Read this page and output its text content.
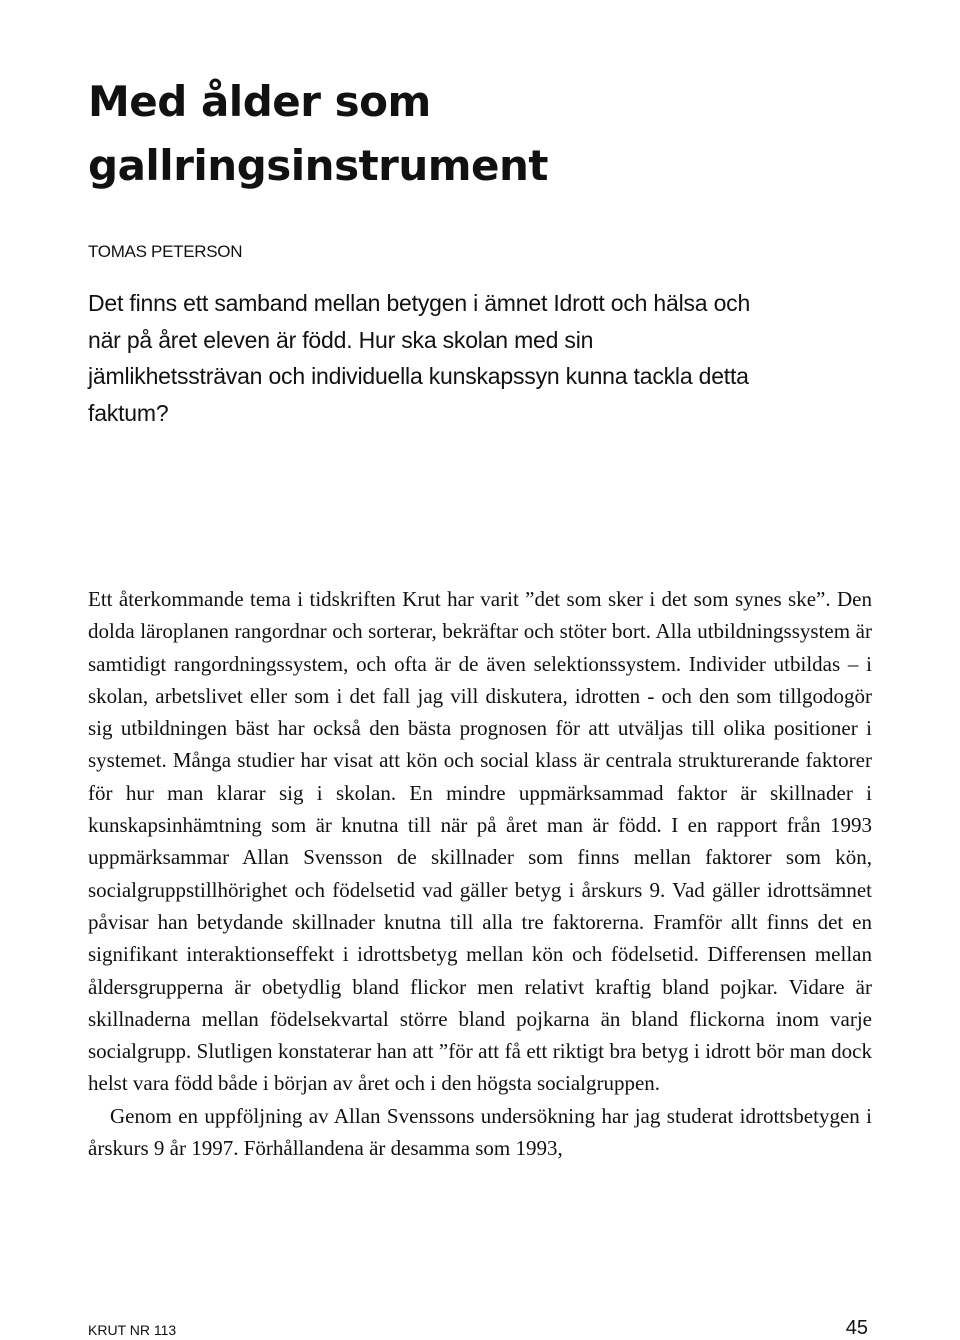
Med ålder som gallringsinstrument
TOMAS PETERSON

Det finns ett samband mellan betygen i ämnet Idrott och hälsa och när på året eleven är född. Hur ska skolan med sin jämlikhetssträvan och individuella kunskapssyn kunna tackla detta faktum?

Ett återkommande tema i tidskriften Krut har varit ”det som sker i det som synes ske”. Den dolda läroplanen rangordnar och sorterar, bekräftar och stöter bort. Alla utbildningssystem är samtidigt rangordningssystem, och ofta är de även selektionssystem. Individer utbildas – i skolan, arbetslivet eller som i det fall jag vill diskutera, idrotten - och den som tillgodogör sig utbildningen bäst har också den bästa prognosen för att utväljas till olika positioner i systemet. Många studier har visat att kön och social klass är centrala strukturerande faktorer för hur man klarar sig i skolan. En mindre uppmärksammad faktor är skillnader i kunskapsinhämtning som är knutna till när på året man är född. I en rapport från 1993 uppmärksammar Allan Svensson de skillnader som finns mellan faktorer som kön, socialgruppstillhörighet och födelsetid vad gäller betyg i årskurs 9. Vad gäller idrottsämnet påvisar han betydande skillnader knutna till alla tre faktorerna. Framför allt finns det en signifikant interaktionseffekt i idrottsbetyg mellan kön och födelsetid. Differensen mellan åldersgrupperna är obetydlig bland flickor men relativt kraftig bland pojkar. Vidare är skillnaderna mellan födelsekvartal större bland pojkarna än bland flickorna inom varje socialgrupp. Slutligen konstaterar han att ”för att få ett riktigt bra betyg i idrott bör man dock helst vara född både i början av året och i den högsta socialgruppen.

Genom en uppföljning av Allan Svenssons undersökning har jag studerat idrottsbetygen i årskurs 9 år 1997. Förhållandena är desamma som 1993,

KRUT NR 113	45
